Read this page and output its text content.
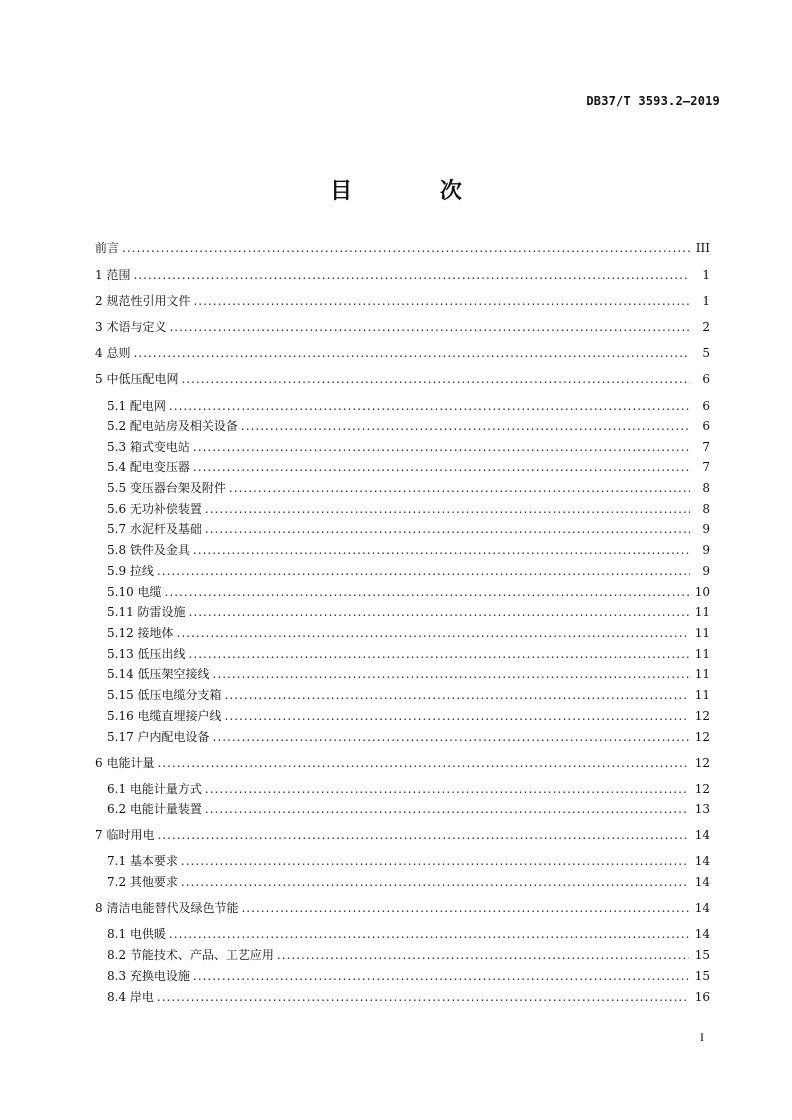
DB37/T 3593.2—2019
目 次
前言 . . .	III
1 范围 . . .	1
2 规范性引用文件 . . .	1
3 术语与定义 . . .	2
4 总则 . . .	5
5 中低压配电网 . . .	6
5.1 配电网 . . .	6
5.2 配电站房及相关设备 . . .	6
5.3 箱式变电站 . . .	7
5.4 配电变压器 . . .	7
5.5 变压器台架及附件 . . .	8
5.6 无功补偿装置 . . .	8
5.7 水泥杆及基础 . . .	9
5.8 铁件及金具 . . .	9
5.9 拉线 . . .	9
5.10 电缆 . . .	10
5.11 防雷设施 . . .	11
5.12 接地体 . . .	11
5.13 低压出线 . . .	11
5.14 低压架空接线 . . .	11
5.15 低压电缆分支箱 . . .	11
5.16 电缆直埋接户线 . . .	12
5.17 户内配电设备 . . .	12
6 电能计量 . . .	12
6.1 电能计量方式 . . .	12
6.2 电能计量装置 . . .	13
7 临时用电 . . .	14
7.1 基本要求 . . .	14
7.2 其他要求 . . .	14
8 清洁电能替代及绿色节能 . . .	14
8.1 电供暖 . . .	14
8.2 节能技术、产品、工艺应用 . . .	15
8.3 充换电设施 . . .	15
8.4 岸电 . . .	16
I
